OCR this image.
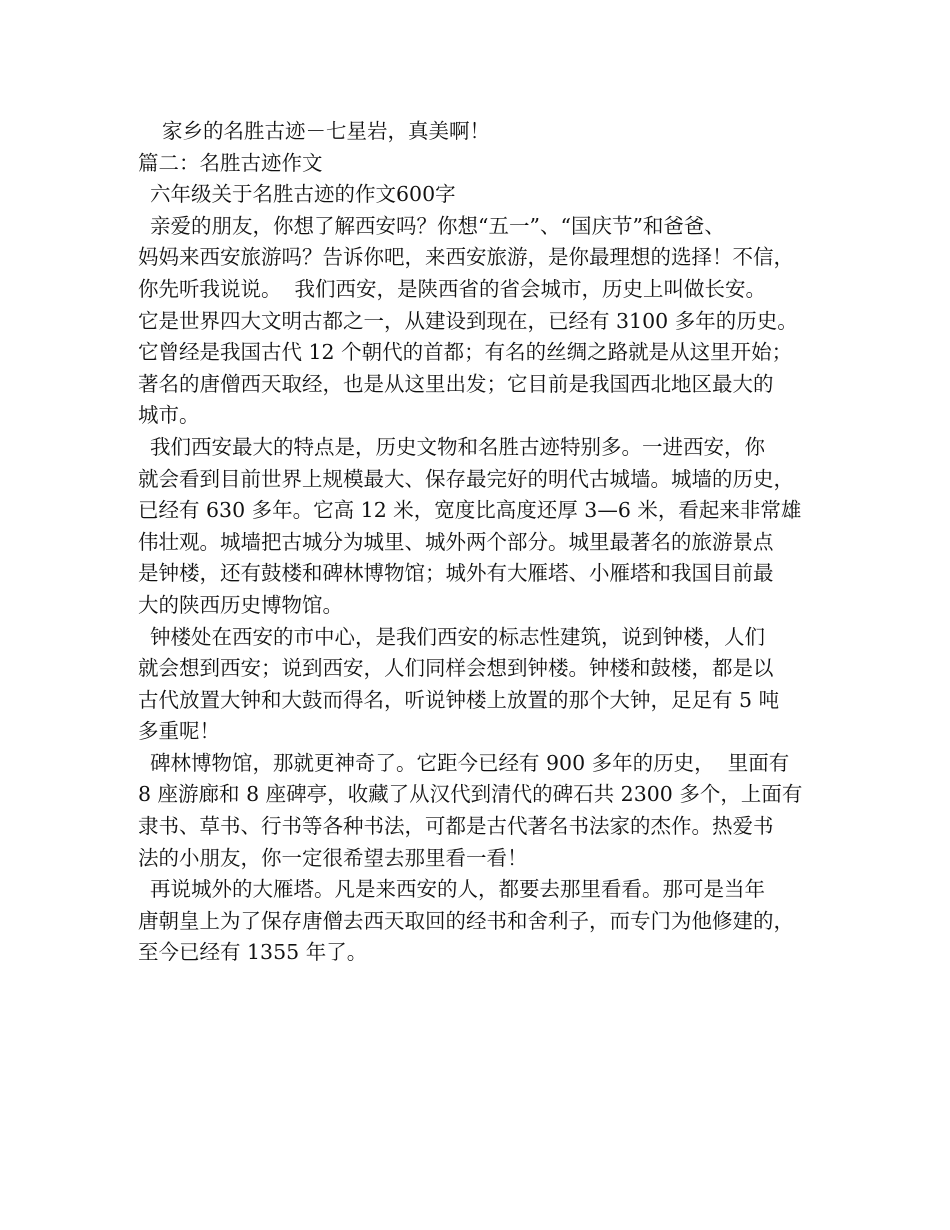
家乡的名胜古迹－七星岩，真美啊！

篇二：名胜古迹作文

六年级关于名胜古迹的作文600字

亲爱的朋友，你想了解西安吗？你想“五一”、“国庆节”和爸爸、

妈妈来西安旅游吗？告诉你吧，来西安旅游，是你最理想的选择！不信，

你先听我说说。  我们西安，是陕西省的省会城市，历史上叫做长安。

它是世界四大文明古都之一，从建设到现在，已经有 3100 多年的历史。

它曾经是我国古代 12 个朝代的首都；有名的丝绸之路就是从这里开始；

著名的唐僧西天取经，也是从这里出发；它目前是我国西北地区最大的

城市。

我们西安最大的特点是，历史文物和名胜古迹特别多。一进西安，你

就会看到目前世界上规模最大、保存最完好的明代古城墙。城墙的历史，

已经有 630 多年。它高 12 米，宽度比高度还厚 3—6 米，看起来非常雄

伟壮观。城墙把古城分为城里、城外两个部分。城里最著名的旅游景点

是钟楼，还有鼓楼和碑林博物馆；城外有大雁塔、小雁塔和我国目前最

大的陕西历史博物馆。

钟楼处在西安的市中心，是我们西安的标志性建筑，说到钟楼，人们

就会想到西安；说到西安，人们同样会想到钟楼。钟楼和鼓楼，都是以

古代放置大钟和大鼓而得名，听说钟楼上放置的那个大钟，足足有 5 吨

多重呢！

碑林博物馆，那就更神奇了。它距今已经有 900 多年的历史，  里面有

8 座游廊和 8 座碑亭，收藏了从汉代到清代的碑石共 2300 多个，上面有

隶书、草书、行书等各种书法，可都是古代著名书法家的杰作。热爱书

法的小朋友，你一定很希望去那里看一看！

再说城外的大雁塔。凡是来西安的人，都要去那里看看。那可是当年

唐朝皇上为了保存唐僧去西天取回的经书和舍利子，而专门为他修建的，

至今已经有 1355 年了。
